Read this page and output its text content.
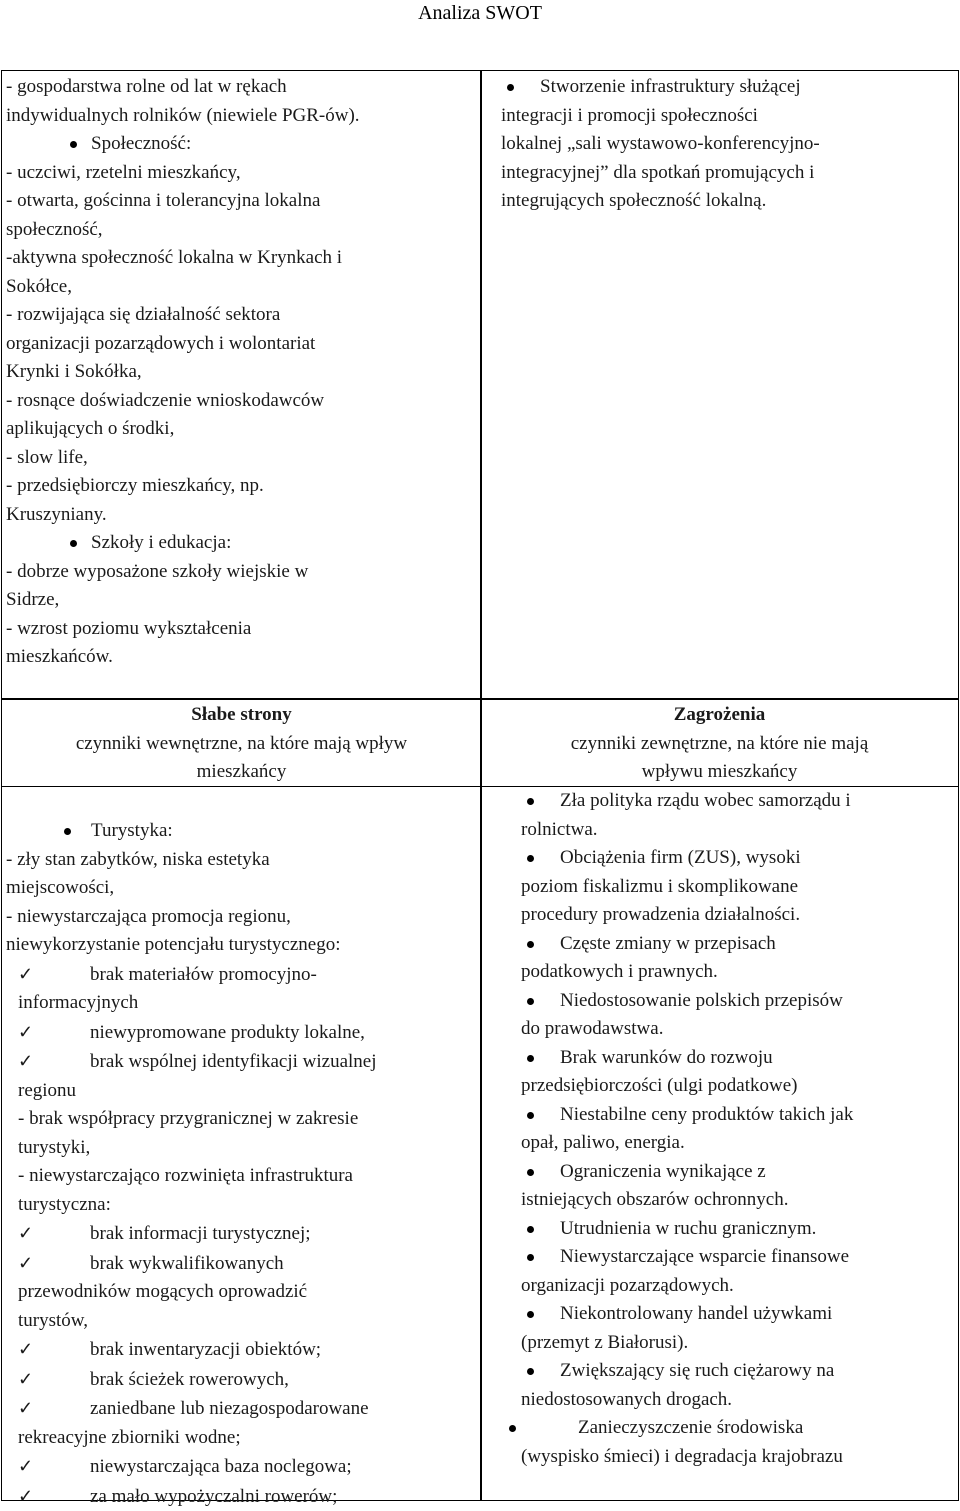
Analiza SWOT
- gospodarstwa rolne od lat w rękach
indywidualnych rolników (niewiele PGR-ów).
Społeczność:
- uczciwi, rzetelni mieszkańcy,
- otwarta, gościnna i tolerancyjna lokalna
społeczność,
-aktywna społeczność lokalna w Krynkach i
Sokółce,
- rozwijająca się działalność sektora
organizacji pozarządowych i wolontariat
Krynki i Sokółka,
- rosnące doświadczenie wnioskodawców
aplikujących o środki,
- slow life,
- przedsiębiorczy mieszkańcy, np.
Kruszyniany.
Szkoły i edukacja:
- dobrze wyposażone szkoły wiejskie w
Sidrze,
- wzrost poziomu wykształcenia
mieszkańców.
Stworzenie infrastruktury służącej
integracji i promocji społeczności
lokalnej „sali wystawowo-konferencyjno-
integracyjnej” dla spotkań promujących i
integrujących społeczność lokalną.
Słabe strony
czynniki wewnętrzne, na które mają wpływ
mieszkańcy
Turystyka:
- zły stan zabytków, niska estetyka
miejscowości,
- niewystarczająca promocja regionu,
niewykorzystanie potencjału turystycznego:
✓	brak materiałów promocyjno-
informacyjnych
✓	niewypromowane produkty lokalne,
✓	brak wspólnej identyfikacji wizualnej
regionu
- brak współpracy przygranicznej w zakresie
turystyki,
- niewystarczająco rozwinięta infrastruktura
turystyczna:
✓	brak informacji turystycznej;
✓	brak wykwalifikowanych
przewodników mogących oprowadzić
turystów,
✓	brak inwentaryzacji obiektów;
✓	brak ścieżek rowerowych,
✓	zaniedbane lub niezagospodarowane
rekreacyjne zbiorniki wodne;
✓	niewystarczająca baza noclegowa;
✓	za mało wypożyczalni rowerów;
Zagrożenia
czynniki zewnętrzne, na które nie mają
wpływu mieszkańcy
Zła polityka rządu wobec samorządu i
rolnictwa.
Obciążenia firm (ZUS), wysoki
poziom fiskalizmu i skomplikowane
procedury prowadzenia działalności.
Częste zmiany w przepisach
podatkowych i prawnych.
Niedostosowanie polskich przepisów
do prawodawstwa.
Brak warunków do rozwoju
przedsiębiorczości (ulgi podatkowe)
Niestabilne ceny produktów takich jak
opał, paliwo, energia.
Ograniczenia wynikające z
istniejących obszarów ochronnych.
Utrudnienia w ruchu granicznym.
Niewystarczające wsparcie finansowe
organizacji pozarządowych.
Niekontrolowany handel używkami
(przemyt z Białorusi).
Zwiększający się ruch ciężarowy na
niedostosowanych drogach.
Zanieczyszczenie środowiska
(wyspisko śmieci) i degradacja krajobrazu
